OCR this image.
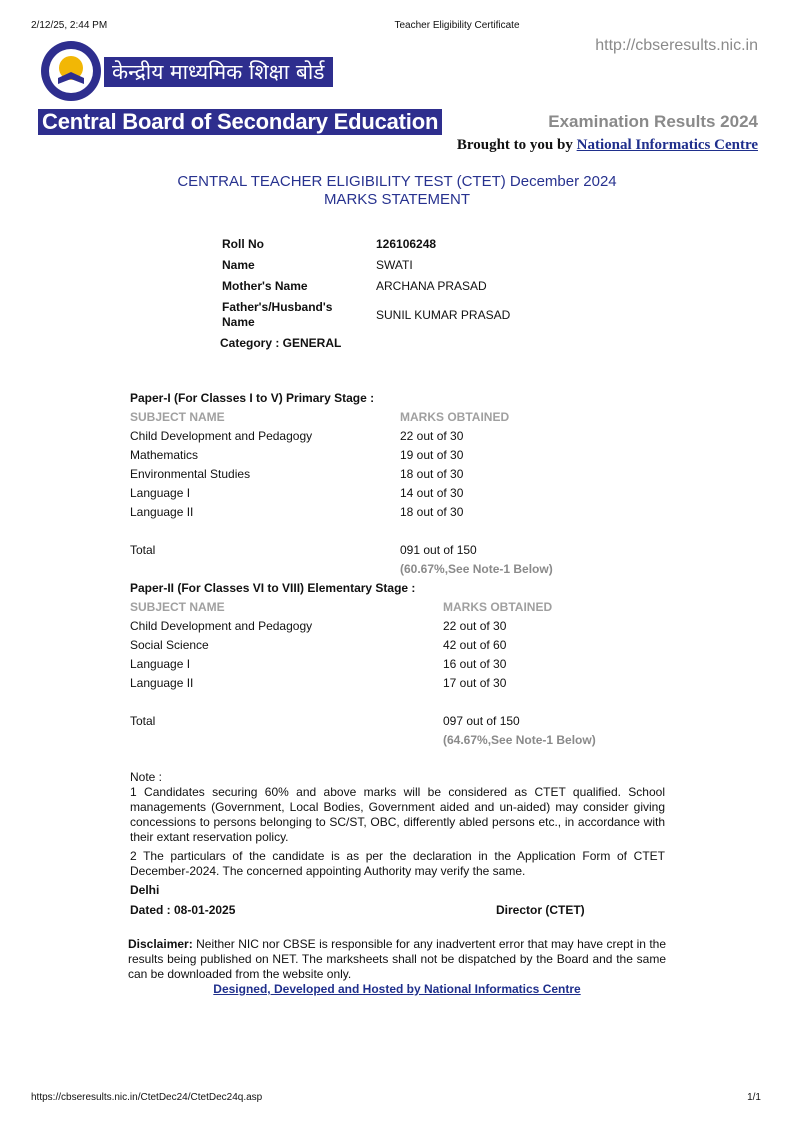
2/12/25, 2:44 PM	Teacher Eligibility Certificate
http://cbseresults.nic.in
केन्द्रीय माध्यमिक शिक्षा बोर्ड
Central Board of Secondary Education	Examination Results 2024
Brought to you by National Informatics Centre
CENTRAL TEACHER ELIGIBILITY TEST (CTET) December 2024
MARKS STATEMENT
Roll No	126106248
Name	SWATI
Mother's Name	ARCHANA PRASAD
Father's/Husband's Name	SUNIL KUMAR PRASAD
Category : GENERAL
Paper-I (For Classes I to V) Primary Stage :
SUBJECT NAME	MARKS OBTAINED
Child Development and Pedagogy	22 out of 30
Mathematics	19 out of 30
Environmental Studies	18 out of 30
Language I	14 out of 30
Language II	18 out of 30
Total	091 out of 150
(60.67%,See Note-1 Below)
Paper-II (For Classes VI to VIII) Elementary Stage :
SUBJECT NAME	MARKS OBTAINED
Child Development and Pedagogy	22 out of 30
Social Science	42 out of 60
Language I	16 out of 30
Language II	17 out of 30
Total	097 out of 150
(64.67%,See Note-1 Below)
Note :
1 Candidates securing 60% and above marks will be considered as CTET qualified. School managements (Government, Local Bodies, Government aided and un-aided) may consider giving concessions to persons belonging to SC/ST, OBC, differently abled persons etc., in accordance with their extant reservation policy.
2 The particulars of the candidate is as per the declaration in the Application Form of CTET December-2024. The concerned appointing Authority may verify the same.
Delhi
Dated : 08-01-2025	Director (CTET)
Disclaimer: Neither NIC nor CBSE is responsible for any inadvertent error that may have crept in the results being published on NET. The marksheets shall not be dispatched by the Board and the same can be downloaded from the website only.
Designed, Developed and Hosted by National Informatics Centre
https://cbseresults.nic.in/CtetDec24/CtetDec24q.asp	1/1
